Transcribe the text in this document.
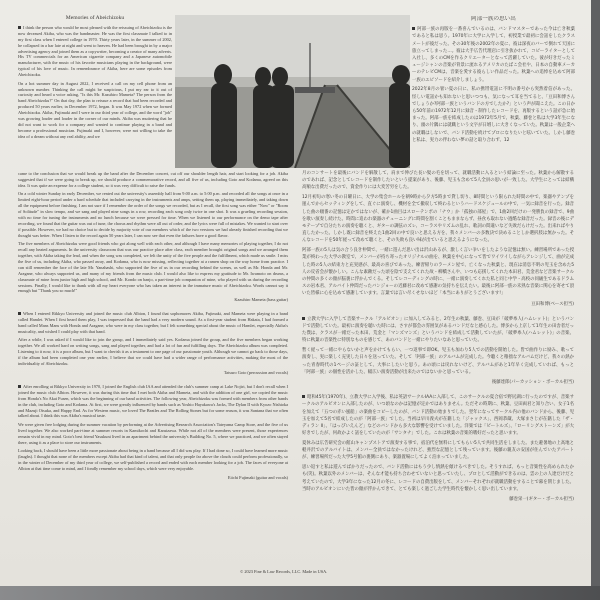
Memories of Abeichizoku

I think the person who would be most pleased with the reissuing of Abeichizoku is the now deceased Akiba, who was the bandmaster. He was the first classmate I talked to in my first class when I entered college in 1970. Thirty years later, in the summer of 2002, he collapsed in a bar late at night and went to heaven. He had been brought in by a major advertising agency and joined them as a copywriter, becoming a creator of many adverts. His TV commercials for an American cigarette company and a Japanese automobile manufacturer, with the music of his favorite musicians playing in the background, were typical of his love of music. In remembrance of Akiba, here are some episodes from Abeichizoku.

On a hot summer day in August 2022, I received a call on my cell phone from an unknown number. Thinking the call might be suspicious, I put my ear to it out of curiosity and heard a voice asking, "Is this Mr. Kazuhiro Mameta? The person from the band Abeichizoku?" On that day, the plan to reissue a record that had been recorded and produced 50 years earlier, in December 1972, began. It was May 1972 when we formed Abeichizoku. Akiba, Fujimaki and I were in our third year of college, and the word "job" was growing louder and louder in the corner of our minds. Akiba was muttering that he did not want to work for a company and wanted to continue playing in a band and become a professional musician. Fujimaki and I, however, were not willing to take the idea of a dream without any real ability, and we

came to the conclusion that we would break up the band after the December concert, cut off our shoulder length hair, and start looking for a job. Akiba suggested that if we were going to break up, we should produce a commemorative record, and all five of us, including Goto and Kodama, agreed on this idea. It was quite an expense for a college student, so it was very difficult to raise the funds.

On a cold winter Sunday in early December, we rented out the university's assembly hall from 9:00 a.m. to 5:00 p.m. and recorded all the songs at once in a limited eight-hour period under a hard schedule that included carrying in the instruments and amps, setting them up, playing immediately, and taking down all the equipment before finishing. I am not sure if I remember the order of the songs we recorded, but as I recall, the first song was either "Now" or "Room of Solitude" in slow tempo, and we sang and played nine songs in a row, recording each song only twice in one shot. It was a grueling recording session, with no time for tuning the instruments and no lunch because we were pressed for time. When we listened to our performance on the demo tape after recording, we found that the guitar was out of tune, the chorus and rhythm were all out of order, and the lyrics were full of mistakes. We wanted to start over if possible. However, we had no choice but to decide by majority vote of our members which of the two versions we had already finished recording that we thought was better. When I listen to the record again 50 years later, I can now see that even the failures have a good flavor.

The five members of Abeichizoku were good friends who got along well with each other, and although I have many memories of playing together, I do not recall any heated arguments. In the university classroom that was our practice place after class, each member brought original songs and we arranged them together, with Akiba taking the lead, and when the song was completed, we felt the unity of the five people and the fulfillment, which made us smile. I miss the five of us, including Akiba, who passed away, and Kodama, who is now missing, reflecting together at a ramen shop on the way home from practice. I can still remember the face of the late Mr. Yanahashi, who supported the five of us in our recording behind the scenes, as well as Mr. Honda and Mr. Aragane, who always supported us, and many of my friends from the music club. I would also like to express my gratitude to Mr. Iwamoto on drums, a classmate of mine from junior high and high school, and Mr. Kondo on banjo, a part-time job companion of mine, who played with us during the recording sessions. Finally, I would like to thank with all my heart everyone who has taken an interest in the immature music of Abeichizoku. Words cannot say it enough but "Thank you so much!"

Kazuhiro Mameta (bass guitar)

When I entered Rikkyo University and joined the music club Albion, I found that sophomores Akiba, Fujimaki, and Mameta were playing in a band called Hamlet. When I first heard them play, I was impressed that the band had a very modern sound. As a first-year student from Hakata, I had formed a band called Mans Mans with Honda and Aragane, who were in my class together, but I felt something special about the music of Hamlet, especially Akiba's musicality, and wished I could play with that band.

After a while, I was asked if I would like to join the group, and I immediately said yes. Kodama joined the group, and the five members began working together. We all worked hard on writing songs, sang and played together, and had a lot of fun and fulfilling days. The Abeichizoku album was completed. Listening to it now, it is a poor album, but I want to cherish it as a testament to one page of our passionate youth. Although we cannot go back to those days, if the album had been completed one year earlier, I believe that we could have had a wider range of performance activities, making the most of the individuality of Abeichizoku.

Tatsuro Goto (percussion and vocals)

After enrolling at Rikkyo University in 1970, I joined the English club IAA and attended the club's summer camp at Lake Nojiri, but I don't recall when I joined the music club Albion. However, it was during this time that I met both Akiba and Mameta, and with the addition of one girl, we copied the music from Honda's No Akai Fusen, which was the beginning of our band activities. The following year, Abeichizoku was formed with members from other bands in the club, including Goto and Kodama. At first, we were greatly influenced by bands such as Yoshio Hayakawa's Jacks, The Dylan II with Kyozo Nishioka and Mazuji Otsuka, and Happy End. As for Western music, we loved The Beatles and The Rolling Stones but for some reason, it was Santana that we often talked about. I think this was Akiba's musical taste.

We were given free lodging during the summer vacation by performing at the Advertising Research Association's Tateyama Camp Store, and the five of us lived together. We also worked part-time at summer resorts in Kamikochi and Karuizawa. While not all of the members were present, those experiences remain vivid in my mind. Goto's best friend Yasukuni lived in an apartment behind the university's Building No. 5, where we practiced, and we often stayed there, using it as a place to store our instruments.

Looking back, I should have been a little more passionate about being in a band because all I did was play. If I had done so, I could have learned more music (laughs). I thought that none of the members except Akiba had that kind of talent, and that only people far above the clouds could perform professionally, so in the winter of December of my third year of college, we self-published a record and ended with each member looking for a job. The faces of everyone at Albion at that time come to mind, and I fondly remember my school days, which were very enjoyable.

Eiichi Fujimaki (guitar and vocals)
阿部一族の思い出

阿部一族の再版を一番喜んでいるのは、バンドマスターであった今は亡き秋葉であると私は思う。1970年に大学に入学して、初授業で最初に会話をしたクラスメートが彼だった。その30年後の2002年の夏に、彼は深夜のバーで倒れて天国に旅立ってしまった…。彼は大手広告代理店に引き抜かれて、コピーライターとして入社し、多くのCMを作るクリエーターとなって活躍していた。彼が好きだったミュージシャンの音楽が背景に流れるアメリカのたばこ会社や、日本の自動車メーカーのテレビCMは、音楽を愛する彼らしい作品だった。秋葉への追悼を込めて阿部一族のエピソードを紹介しましょう。

2022年8月の暑い夏の日に、私の携帯電話に不明の番号から突然着信があった。怪しい電話かも知れないと思いつつも、気になって耳を当てると、「豆田和博さんでしょうか?阿部一族というバンドの方でしたか?」という声が聞こえた。この日から50年前の1972年12月に録音・制作したレコードを、再版するという話が急に始まった。阿部一族を結成したのは1972年5月で、秋葉、藤巻と私は大学3年生になり、頭の片隅には就職という文字が日増しに大きくなっていた。秋葉は一般企業への就職はしないで、バンド活動を続けてプロになりたいと呟いていた。しかし藤巻と私は、実力の伴わない夢の話と取り合わず、12

月のコンサートを最後にバンドを解散して、肩まで伸びた長い髪の毛を切って、就職活動に入るという結論に至った。秋葉から解散するのであれば、記念としてレコードを制作したいという提案があり、後藤、児玉も含めて5人全員の思いが一致した。大学生にとっては結構高額な出費だったので、資金作りには大変苦労をした。

12月初旬の寒い冬の日曜日に、大学の集会ホールを朝9時から夕方5時まで貸し切り、8時間という限られた時間の中で、楽器やアンプを運んでからセッティングをして、直ぐに演奏し、機材を全て撤収して終わるというハードスケジュールの中で、一気に録音を行った。録音した曲の順番の記憶は定かではないが、確か1曲目はスローテンポの「ナウ」か「孤独の部屋」で、1曲2回だけの一発勝負の録音で、9曲を歌い演奏し続けた。時間に追われ楽器のチューニングに時間を割くこともままならず、昼食も取れない過酷な録音だった。録音の後にデモテープで自分たちの演奏を聴くと、ギターの調弦のズレ、コーラスやリズムの乱れ、歌詞の間違いなど失敗だらけだった。出来ればやり直したかった。しかし既に録音を終えた1曲2回の中で良いと思える方を、我々メンバーの多数決で決めることしか選択肢は無かった。そんなレコードを50年経って改めて聴くと、その失敗も良い味が出ていると思えるようになった。

阿部一族の5人は気の合う良き仲間で、一緒に遊んだ思い出は沢山あるが、激しく言い争いをしたような記憶は無い。練習場所であった授業が終わった大学の教室で、メンバーが持ち寄ったオリジナルの曲を、秋葉を中心になって皆でワイワイしながらアレンジして、曲が完成した時の5人の結束力と充実感が、最高の喜びであった。練習帰りのラーメン屋で、亡くなった秋葉と、現在は消息不明の児玉を含めた5人の反省会が懐かしい。こんな素敵だった頃を陰で支えてくれた故・柳橋さんや、いつも応援してくれた本田君、荒金君など音楽サークルの仲間の多くの顔が脳裏に浮かんでくる。そしてレコーディングの時に、一緒に演奏してくれた私と同じ中学・高校の同級生であるドラムスの岩本君、アルバイト仲間だったバンジョーの近藤君に改めて感謝の気持ちを伝えたい。最後に阿部一族の未熟な音楽に関心を寄せて頂いた皆様に心を込めて感謝しています。言葉では言い尽くせないほど「本当にありがとうございます!」

豆田和博(ベース担当)

立教大学に入学して音楽サークル「アルビオン」に加入してみると、2年生の秋葉、藤巻、豆田が「破夢糸人(ハムレット)」というバンドで活動していた。最初に演奏を聴いた時には、さすが都会の雰囲気があるバンドだなと感心した。博多から上京して1年生の田舎者だった僕は、クラスが一緒だった本田、荒金と「マンズマンズ」というバンドを結成して活動していたが、「破夢糸人(ハムレット)」の音楽、特に秋葉の音楽性に特別なものを感じて、あのバンドと一緒にやりたいなあと思っていた。

暫く経って一緒にやらないかと声をかけてもらい、一つ返事で即OK。児玉も加わり5人での活動を開始した。皆で曲作りに励み、歌って演奏し、実に楽しく充実した日々を送っていた。そして「阿部一族」のアルバムが完成した。今聴くと稚拙なアルバムだけど、我々の熱かった青春時代の1ページの証として、大事にしたいと思う。あの頃には戻れないけど、アルバムがあと1年早く完成していれば、もっと「阿部一族」の個性を活かした、幅広い演奏活動が出来たのではないかと思っている。

後藤達郎(パーカッション・ボーカル担当)

昭和45年(1970年)、立教大学に入学後、私は英語サークルIAAに入部して、このサークルの夏合宿で野尻湖に行ったのですが、音楽サークルのアルビオンに入部したのが、いつ頃なのかは記憶が定かではありません。ただその時期に、秋葉、豆田両君と知り合い、女子1名を加えて「五つの赤い風船」の楽曲をコピーしたのが、バンド活動の始まりでした。翌年になってサークル内の他のバンドから、後藤、児玉を加えて5名で結成したのが「阿部一族」でした。当初は早川義夫が在籍した「ジャックス」、西岡恭蔵、大塚まさじが在籍した「ザ・ディラン II」、「はっぴいえんど」などのバンドから多大な影響を受けていました。洋楽では「ビートルズ」、「ローリングストーンズ」が大好きでしたが、何故かよく話をしていたのが「サンタナ」でした。これは秋葉の音楽的嗜好だったと思います。

夏休みは広告研究会の館山キャンプストアで演奏する事で、宿泊代を無料にしてもらい5人で共同生活をしました。また避暑地の上高地と軽井沢でのアルバイトは、メンバー全員ではなかったけれど、強烈な記憶として残っています。後藤の親友の安国が住んでいたアパートが、練習場所だった大学5号館の裏側にあり、楽器置場にしてよく泊まっていました。

思い返すと私は遊んでばかりだったので、バンド活動にはもう少し情熱を傾けるべきでした。そうすれば、もっと音楽性を高められたかも(笑)。秋葉以外のメンバーは、そんな才能も持ち合わせていないと思っていたし、プロとして活動ができるのは、雲の上の人達だけだと考えていたので、大学3年になった12月の冬に、レコードの自費出版をして、メンバーそれぞれが就職活動をすることで幕を閉じました。当時のアルビオンにいた皆の顔が浮かんできて、とても楽しく過ごした学生時代を懐かしく思い出しています。

藤巻栄一(ギター・ボーカル担当)
© 2023 Fine & Law Records, LLC. Made in USA.
